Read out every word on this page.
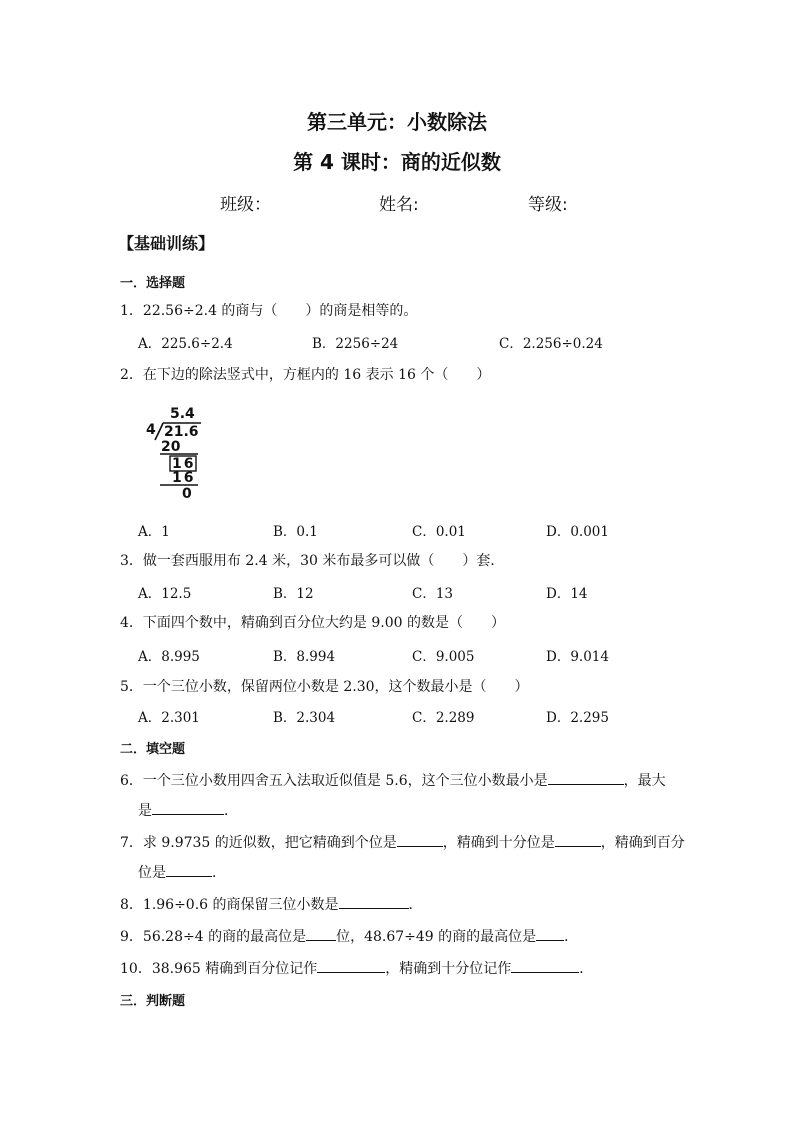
第三单元：小数除法
第 4 课时：商的近似数
班级：	姓名:	等级:
【基础训练】
一．选择题
1．22.56÷2.4 的商与（　　）的商是相等的。
A．225.6÷2.4	B．2256÷24	C．2.256÷0.24
2．在下边的除法竖式中，方框内的 16 表示 16 个（　　）
5.4
4 21.6
20
16
16
0
A．1	B．0.1	C．0.01	D．0.001
3．做一套西服用布 2.4 米，30 米布最多可以做（　　）套．
A．12.5	B．12	C．13	D．14
4．下面四个数中，精确到百分位大约是 9.00 的数是（　　）
A．8.995	B．8.994	C．9.005	D．9.014
5．一个三位小数，保留两位小数是 2.30，这个数最小是（　　）
A．2.301	B．2.304	C．2.289	D．2.295
二．填空题
6．一个三位小数用四舍五入法取近似值是 5.6，这个三位小数最小是	，最大
是	．
7．求 9.9735 的近似数，把它精确到个位是	，精确到十分位是	，精确到百分
位是	．
8．1.96÷0.6 的商保留三位小数是	．
9．56.28÷4 的商的最高位是 位，48.67÷49 的商的最高位是 ．
10．38.965 精确到百分位记作	，精确到十分位记作	．
三．判断题
